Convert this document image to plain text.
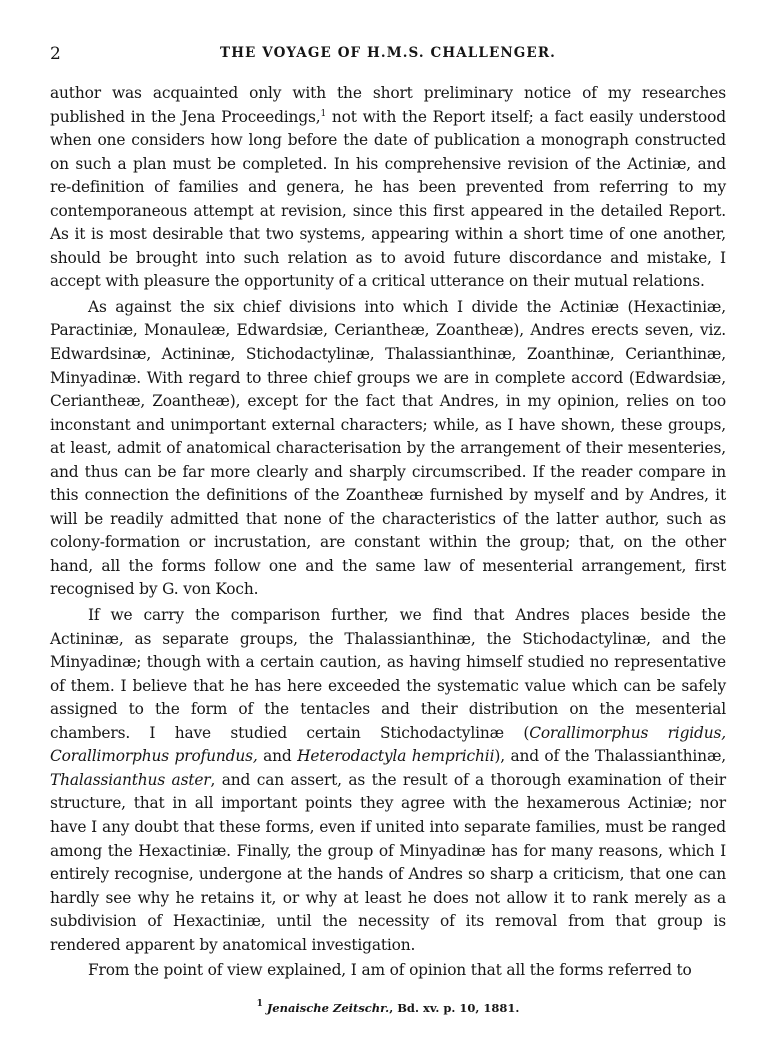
2	THE VOYAGE OF H.M.S. CHALLENGER.

author was acquainted only with the short preliminary notice of my researches published in the Jena Proceedings,$^1$ not with the Report itself; a fact easily understood when one considers how long before the date of publication a monograph constructed on such a plan must be completed. In his comprehensive revision of the Actiniæ, and re-definition of families and genera, he has been prevented from referring to my contemporaneous attempt at revision, since this first appeared in the detailed Report. As it is most desirable that two systems, appearing within a short time of one another, should be brought into such relation as to avoid future discordance and mistake, I accept with pleasure the opportunity of a critical utterance on their mutual relations.

As against the six chief divisions into which I divide the Actiniæ (Hexactiniæ, Paractiniæ, Monauleæ, Edwardsiæ, Ceriantheæ, Zoantheæ), Andres erects seven, viz. Edwardsinæ, Actininæ, Stichodactylinæ, Thalassianthinæ, Zoanthinæ, Cerianthinæ, Minyadinæ. With regard to three chief groups we are in complete accord (Edwardsiæ, Ceriantheæ, Zoantheæ), except for the fact that Andres, in my opinion, relies on too inconstant and unimportant external characters; while, as I have shown, these groups, at least, admit of anatomical characterisation by the arrangement of their mesenteries, and thus can be far more clearly and sharply circumscribed. If the reader compare in this connection the definitions of the Zoantheæ furnished by myself and by Andres, it will be readily admitted that none of the characteristics of the latter author, such as colony-formation or incrustation, are constant within the group; that, on the other hand, all the forms follow one and the same law of mesenterial arrangement, first recognised by G. von Koch.

If we carry the comparison further, we find that Andres places beside the Actininæ, as separate groups, the Thalassianthinæ, the Stichodactylinæ, and the Minyadinæ; though with a certain caution, as having himself studied no representative of them. I believe that he has here exceeded the systematic value which can be safely assigned to the form of the tentacles and their distribution on the mesenterial chambers. I have studied certain Stichodactylinæ (Corallimorphus rigidus, Corallimorphus profundus, and Heterodactyla hemprichii), and of the Thalassianthinæ, Thalassianthus aster, and can assert, as the result of a thorough examination of their structure, that in all important points they agree with the hexamerous Actiniæ; nor have I any doubt that these forms, even if united into separate families, must be ranged among the Hexactiniæ. Finally, the group of Minyadinæ has for many reasons, which I entirely recognise, undergone at the hands of Andres so sharp a criticism, that one can hardly see why he retains it, or why at least he does not allow it to rank merely as a subdivision of Hexactiniæ, until the necessity of its removal from that group is rendered apparent by anatomical investigation.

From the point of view explained, I am of opinion that all the forms referred to

$^1$ Jenaische Zeitschr., Bd. xv. p. 10, 1881.
